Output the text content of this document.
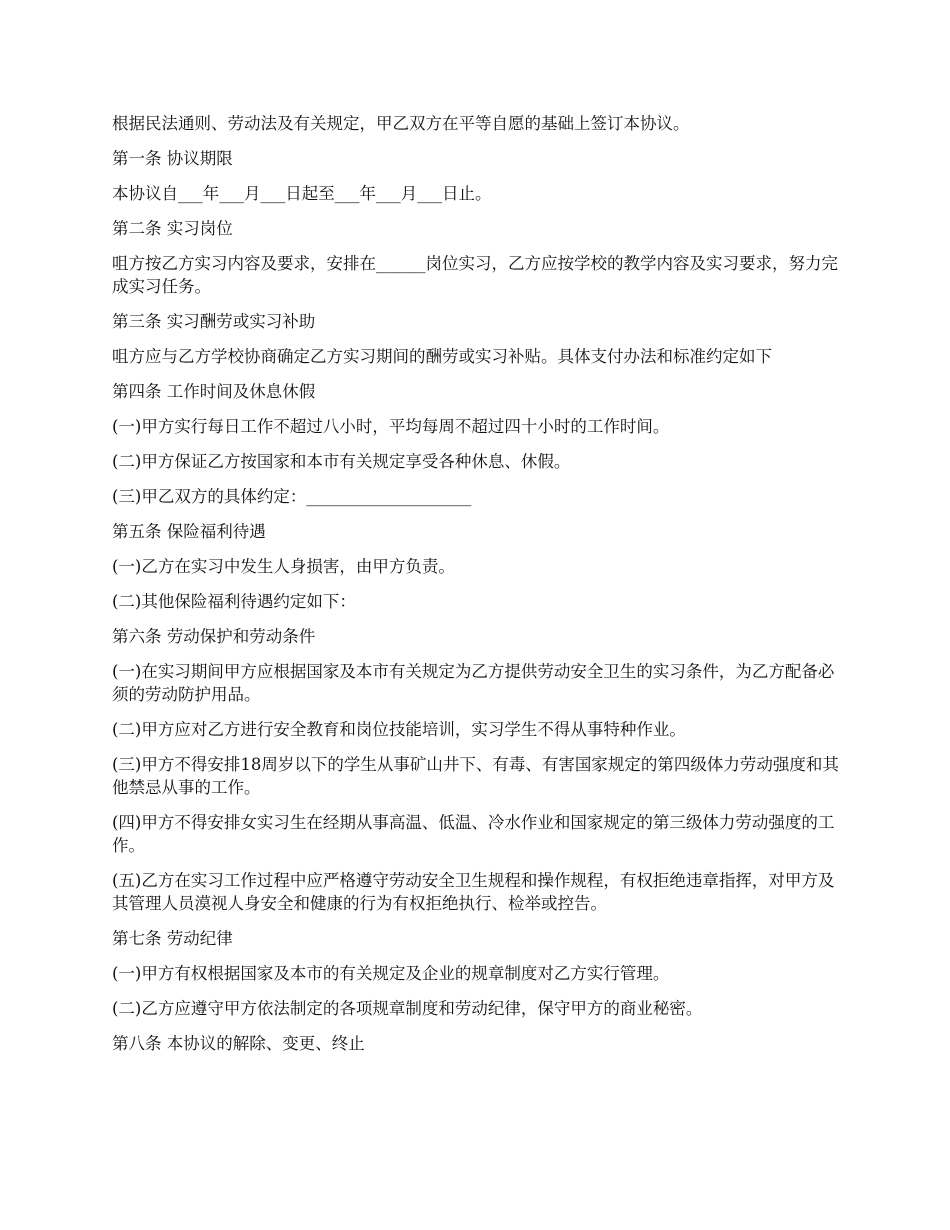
根据民法通则、劳动法及有关规定，甲乙双方在平等自愿的基础上签订本协议。

第一条 协议期限

本协议自___年___月___日起至___年___月___日止。

第二条 实习岗位

咀方按乙方实习内容及要求，安排在______岗位实习，乙方应按学校的教学内容及实习要求，努力完成实习任务。

第三条 实习酬劳或实习补助

咀方应与乙方学校协商确定乙方实习期间的酬劳或实习补贴。具体支付办法和标准约定如下

第四条 工作时间及休息休假

(一)甲方实行每日工作不超过八小时，平均每周不超过四十小时的工作时间。

(二)甲方保证乙方按国家和本市有关规定享受各种休息、休假。

(三)甲乙双方的具体约定：____________________

第五条 保险福利待遇

(一)乙方在实习中发生人身损害，由甲方负责。

(二)其他保险福利待遇约定如下：

第六条 劳动保护和劳动条件

(一)在实习期间甲方应根据国家及本市有关规定为乙方提供劳动安全卫生的实习条件，为乙方配备必须的劳动防护用品。

(二)甲方应对乙方进行安全教育和岗位技能培训，实习学生不得从事特种作业。

(三)甲方不得安排18周岁以下的学生从事矿山井下、有毒、有害国家规定的第四级体力劳动强度和其他禁忌从事的工作。

(四)甲方不得安排女实习生在经期从事高温、低温、冷水作业和国家规定的第三级体力劳动强度的工作。

(五)乙方在实习工作过程中应严格遵守劳动安全卫生规程和操作规程，有权拒绝违章指挥，对甲方及其管理人员漠视人身安全和健康的行为有权拒绝执行、检举或控告。

第七条 劳动纪律

(一)甲方有权根据国家及本市的有关规定及企业的规章制度对乙方实行管理。

(二)乙方应遵守甲方依法制定的各项规章制度和劳动纪律，保守甲方的商业秘密。

第八条 本协议的解除、变更、终止
